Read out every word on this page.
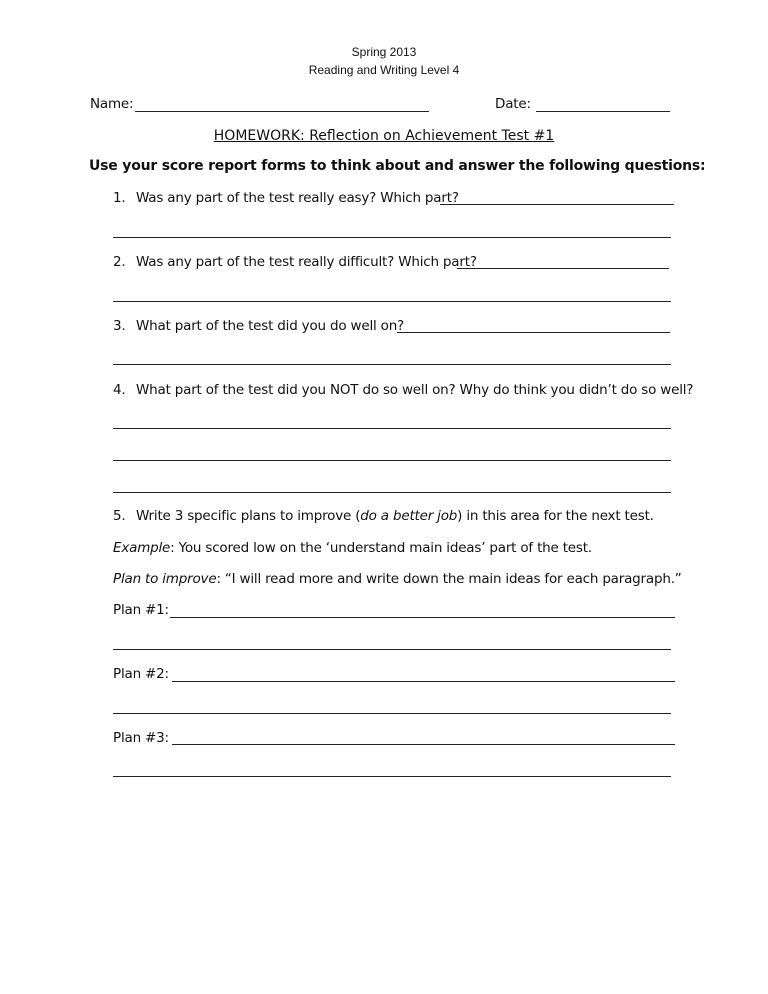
Spring 2013
Reading and Writing Level 4
Name:	Date:
HOMEWORK: Reflection on Achievement Test #1
Use your score report forms to think about and answer the following questions:
1. Was any part of the test really easy? Which part?
2. Was any part of the test really difficult? Which part?
3. What part of the test did you do well on?
4. What part of the test did you NOT do so well on? Why do think you didn’t do so well?
5. Write 3 specific plans to improve (do a better job) in this area for the next test.
Example: You scored low on the ‘understand main ideas’ part of the test.
Plan to improve: “I will read more and write down the main ideas for each paragraph.”
Plan #1:
Plan #2:
Plan #3:
